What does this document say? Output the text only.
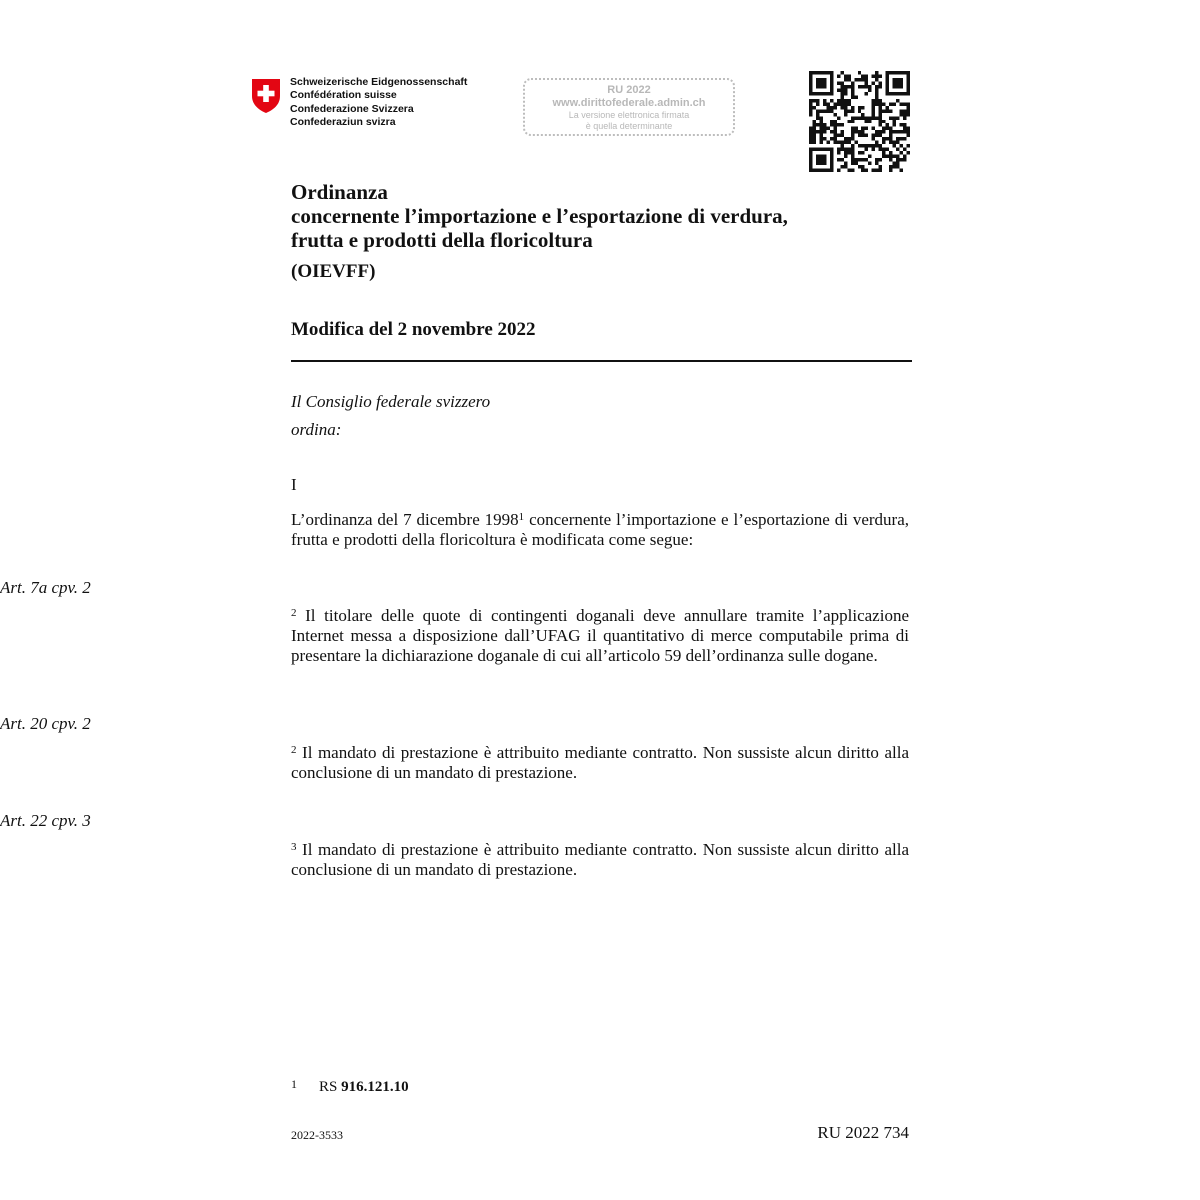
Schweizerische Eidgenossenschaft
Confédération suisse
Confederazione Svizzera
Confederaziun svizra
RU 2022
www.dirittofederale.admin.ch
La versione elettronica firmata
è quella determinante
Ordinanza
concernente l’importazione e l’esportazione di verdura,
frutta e prodotti della floricoltura
(OIEVFF)
Modifica del 2 novembre 2022
Il Consiglio federale svizzero
ordina:
I
L’ordinanza del 7 dicembre 1998$^1$ concernente l’importazione e l’esportazione di verdura, frutta e prodotti della floricoltura è modificata come segue:
Art. 7a cpv. 2
$^2$ Il titolare delle quote di contingenti doganali deve annullare tramite l’applicazione Internet messa a disposizione dall’UFAG il quantitativo di merce computabile prima di presentare la dichiarazione doganale di cui all’articolo 59 dell’ordinanza sulle dogane.
Art. 20 cpv. 2
$^2$ Il mandato di prestazione è attribuito mediante contratto. Non sussiste alcun diritto alla conclusione di un mandato di prestazione.
Art. 22 cpv. 3
$^3$ Il mandato di prestazione è attribuito mediante contratto. Non sussiste alcun diritto alla conclusione di un mandato di prestazione.
1 RS 916.121.10
2022-3533	RU 2022 734
